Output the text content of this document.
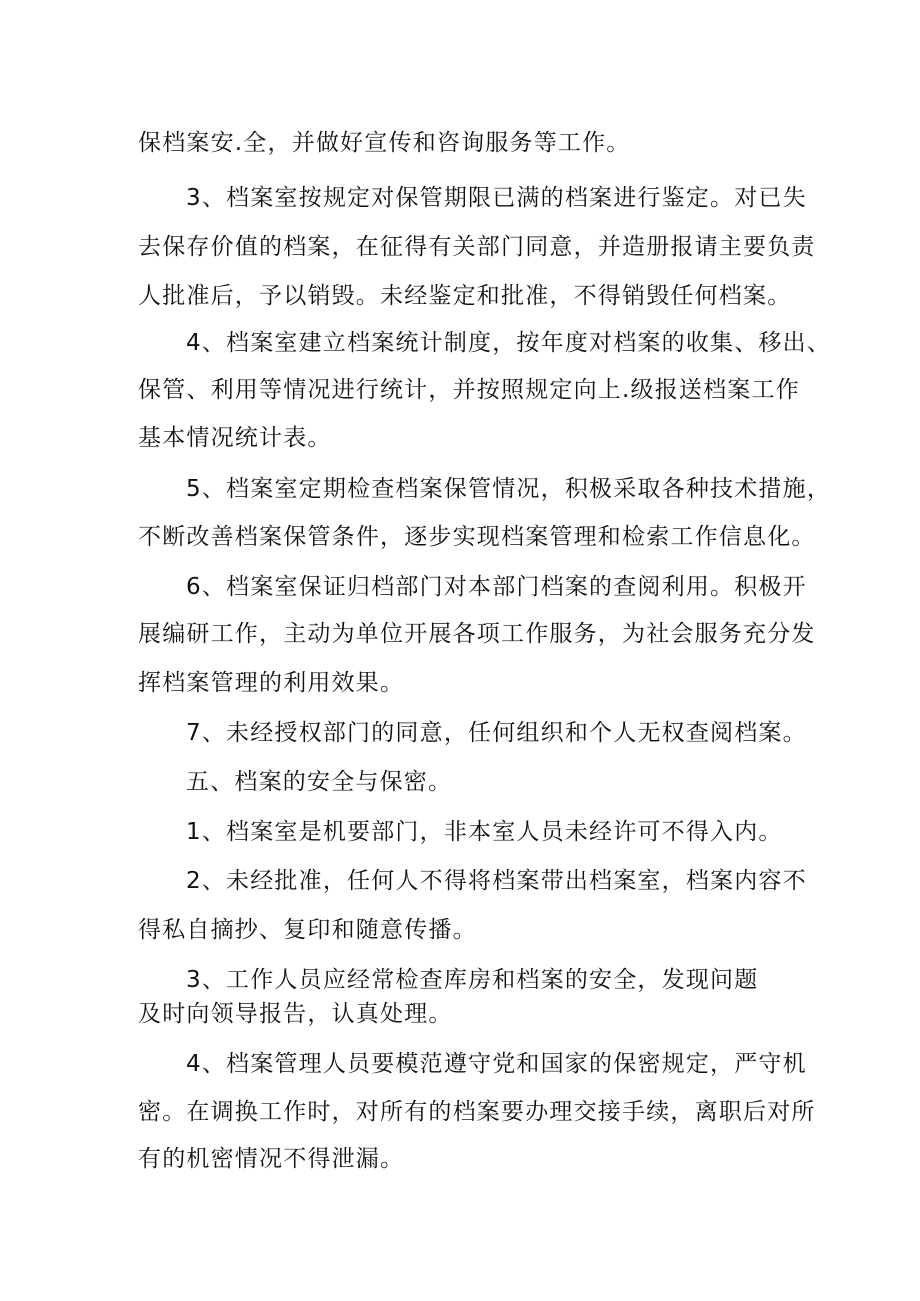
保档案安.全，并做好宣传和咨询服务等工作。
3、档案室按规定对保管期限已满的档案进行鉴定。对已失
去保存价值的档案，在征得有关部门同意，并造册报请主要负责
人批准后，予以销毁。未经鉴定和批准，不得销毁任何档案。
4、档案室建立档案统计制度，按年度对档案的收集、移出、
保管、利用等情况进行统计，并按照规定向上.级报送档案工作
基本情况统计表。
5、档案室定期检查档案保管情况，积极采取各种技术措施，
不断改善档案保管条件，逐步实现档案管理和检索工作信息化。
6、档案室保证归档部门对本部门档案的查阅利用。积极开
展编研工作，主动为单位开展各项工作服务，为社会服务充分发
挥档案管理的利用效果。
7、未经授权部门的同意，任何组织和个人无权查阅档案。
五、档案的安全与保密。
1、档案室是机要部门，非本室人员未经许可不得入内。
2、未经批准，任何人不得将档案带出档案室，档案内容不
得私自摘抄、复印和随意传播。
3、工作人员应经常检查库房和档案的安全，发现问题
及时向领导报告，认真处理。
4、档案管理人员要模范遵守党和国家的保密规定，严守机
密。在调换工作时，对所有的档案要办理交接手续，离职后对所
有的机密情况不得泄漏。
